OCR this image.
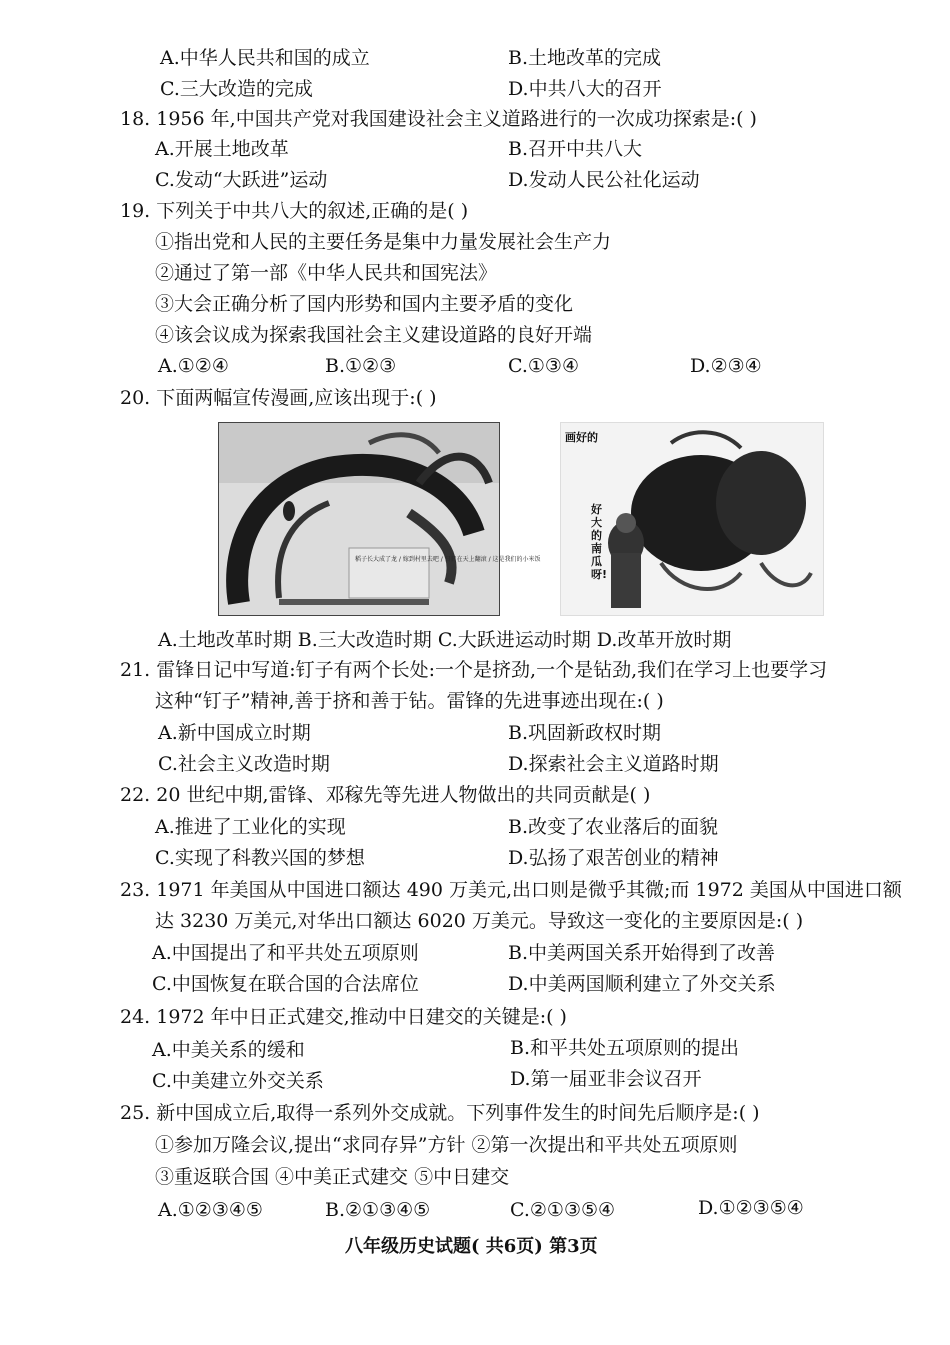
A.中华人民共和国的成立	B.土地改革的完成
C.三大改造的完成	D.中共八大的召开
18. 1956 年,中国共产党对我国建设社会主义道路进行的一次成功探索是:( )
A.开展土地改革	B.召开中共八大
C.发动“大跃进”运动	D.发动人民公社化运动
19. 下列关于中共八大的叙述,正确的是( )
①指出党和人民的主要任务是集中力量发展社会生产力
②通过了第一部《中华人民共和国宪法》
③大会正确分析了国内形势和国内主要矛盾的变化
④该会议成为探索我国社会主义建设道路的良好开端
A.①②④	B.①②③	C.①③④	D.②③④
20. 下面两幅宣传漫画,应该出现于:( )
稻子长大成了龙 / 嫁到村里去吧 / 日日在天上翻滚 / 这是我们的小米饭
画好的
好大的南瓜呀!
A.土地改革时期 B.三大改造时期 C.大跃进运动时期 D.改革开放时期
21. 雷锋日记中写道:钉子有两个长处:一个是挤劲,一个是钻劲,我们在学习上也要学习
这种“钉子”精神,善于挤和善于钻。雷锋的先进事迹出现在:( )
A.新中国成立时期	B.巩固新政权时期
C.社会主义改造时期	D.探索社会主义道路时期
22. 20 世纪中期,雷锋、邓稼先等先进人物做出的共同贡献是( )
A.推进了工业化的实现	B.改变了农业落后的面貌
C.实现了科教兴国的梦想	D.弘扬了艰苦创业的精神
23. 1971 年美国从中国进口额达 490 万美元,出口则是微乎其微;而 1972 美国从中国进口额
达 3230 万美元,对华出口额达 6020 万美元。导致这一变化的主要原因是:( )
A.中国提出了和平共处五项原则	B.中美两国关系开始得到了改善
C.中国恢复在联合国的合法席位	D.中美两国顺利建立了外交关系
24. 1972 年中日正式建交,推动中日建交的关键是:( )
A.中美关系的缓和	B.和平共处五项原则的提出
C.中美建立外交关系	D.第一届亚非会议召开
25. 新中国成立后,取得一系列外交成就。下列事件发生的时间先后顺序是:( )
①参加万隆会议,提出“求同存异”方针 ②第一次提出和平共处五项原则
③重返联合国 ④中美正式建交 ⑤中日建交
A.①②③④⑤	B.②①③④⑤	C.②①③⑤④	D.①②③⑤④
八年级历史试题( 共6页) 第3页
